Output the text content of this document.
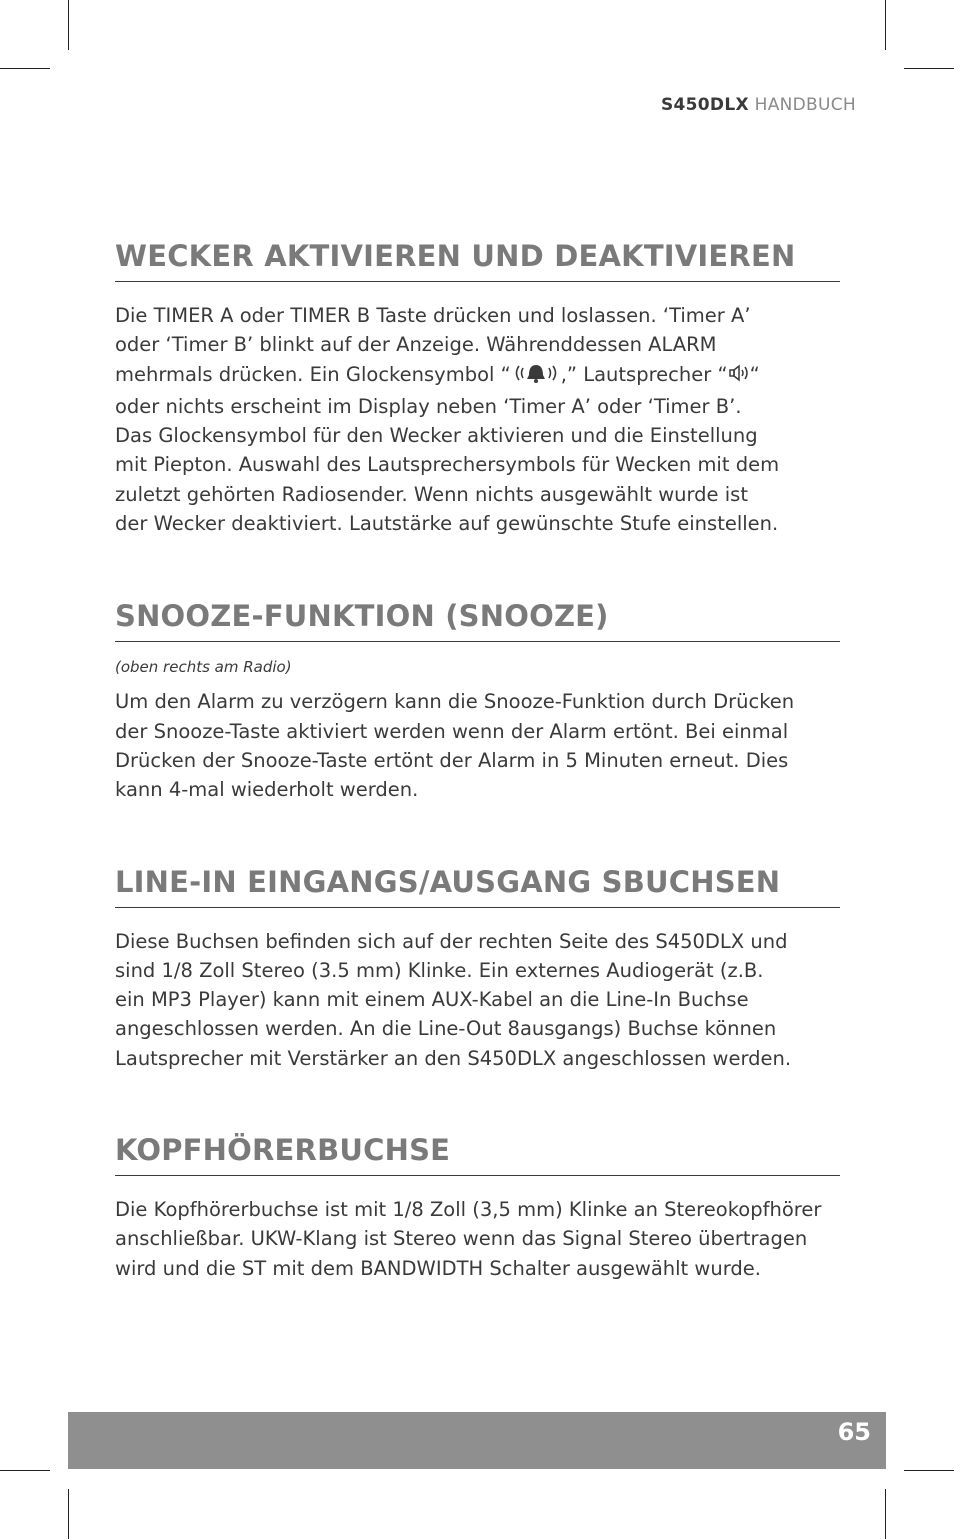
S450DLX HANDBUCH
WECKER AKTIVIEREN UND DEAKTIVIEREN

Die TIMER A oder TIMER B Taste drücken und loslassen. ‘Timer A’
oder ‘Timer B’ blinkt auf der Anzeige. Währenddessen ALARM
mehrmals drücken. Ein Glockensymbol “	,” Lautsprecher “ “
oder nichts erscheint im Display neben ‘Timer A’ oder ‘Timer B’.
Das Glockensymbol für den Wecker aktivieren und die Einstellung
mit Piepton. Auswahl des Lautsprechersymbols für Wecken mit dem
zuletzt gehörten Radiosender. Wenn nichts ausgewählt wurde ist
der Wecker deaktiviert. Lautstärke auf gewünschte Stufe einstellen.

SNOOZE-FUNKTION (SNOOZE)

(oben rechts am Radio)

Um den Alarm zu verzögern kann die Snooze-Funktion durch Drücken
der Snooze-Taste aktiviert werden wenn der Alarm ertönt. Bei einmal
Drücken der Snooze-Taste ertönt der Alarm in 5 Minuten erneut. Dies
kann 4-mal wiederholt werden.

LINE-IN EINGANGS/AUSGANG SBUCHSEN

Diese Buchsen befinden sich auf der rechten Seite des S450DLX und
sind 1/8 Zoll Stereo (3.5 mm) Klinke. Ein externes Audiogerät (z.B.
ein MP3 Player) kann mit einem AUX-Kabel an die Line-In Buchse
angeschlossen werden. An die Line-Out 8ausgangs) Buchse können
Lautsprecher mit Verstärker an den S450DLX angeschlossen werden.

KOPFHÖRERBUCHSE

Die Kopfhörerbuchse ist mit 1/8 Zoll (3,5 mm) Klinke an Stereokopfhörer
anschließbar. UKW-Klang ist Stereo wenn das Signal Stereo übertragen
wird und die ST mit dem BANDWIDTH Schalter ausgewählt wurde.

65
